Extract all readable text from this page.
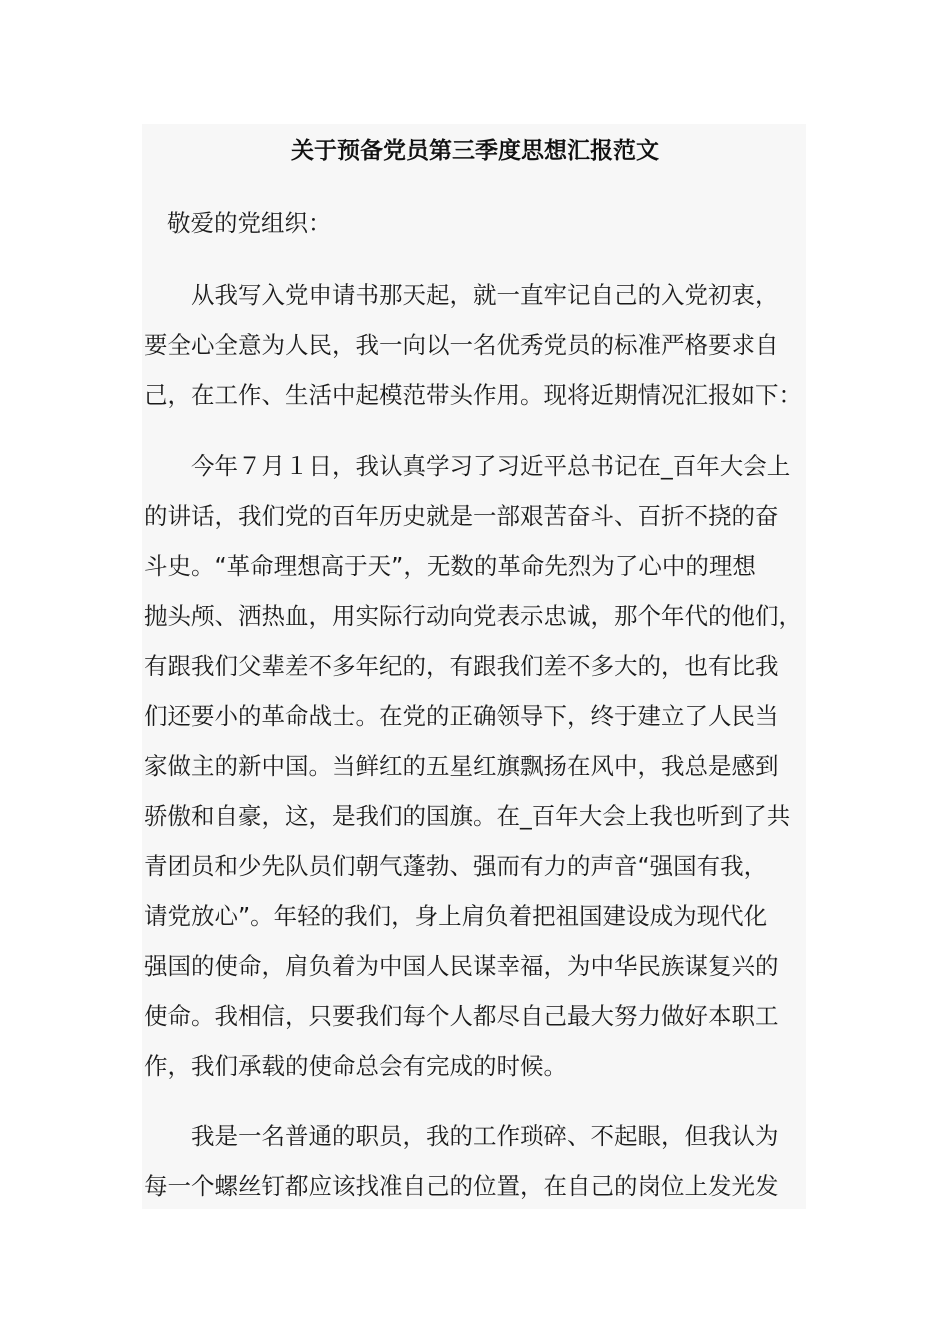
关于预备党员第三季度思想汇报范文

敬爱的党组织：

从我写入党申请书那天起，就一直牢记自己的入党初衷，
要全心全意为人民，我一向以一名优秀党员的标准严格要求自
己，在工作、生活中起模范带头作用。现将近期情况汇报如下：
今年７月１日，我认真学习了习近平总书记在_百年大会上
的讲话，我们党的百年历史就是一部艰苦奋斗、百折不挠的奋
斗史。“革命理想高于天”，无数的革命先烈为了心中的理想
抛头颅、洒热血，用实际行动向党表示忠诚，那个年代的他们，
有跟我们父辈差不多年纪的，有跟我们差不多大的，也有比我
们还要小的革命战士。在党的正确领导下，终于建立了人民当
家做主的新中国。当鲜红的五星红旗飘扬在风中，我总是感到
骄傲和自豪，这，是我们的国旗。在_百年大会上我也听到了共
青团员和少先队员们朝气蓬勃、强而有力的声音“强国有我，
请党放心”。年轻的我们，身上肩负着把祖国建设成为现代化
强国的使命，肩负着为中国人民谋幸福，为中华民族谋复兴的
使命。我相信，只要我们每个人都尽自己最大努力做好本职工
作，我们承载的使命总会有完成的时候。
我是一名普通的职员，我的工作琐碎、不起眼，但我认为
每一个螺丝钉都应该找准自己的位置，在自己的岗位上发光发
